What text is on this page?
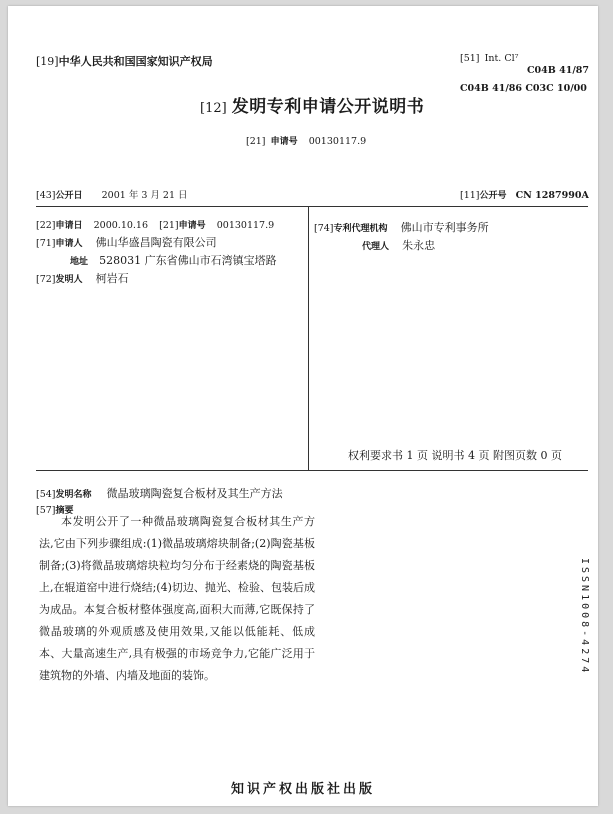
[19]中华人民共和国国家知识产权局	[51] Int. Cl⁷
C04B 41/87
C04B 41/86 C03C 10/00
[12] 发明专利申请公开说明书
[21] 申请号 00130117.9
[43]公开日 2001 年 3 月 21 日	[11]公开号 CN 1287990A
[22]申请日 2000.10.16 [21]申请号 00130117.9
[71]申请人 佛山华盛昌陶瓷有限公司
地址 528031 广东省佛山市石湾镇宝塔路
[72]发明人 柯岩石
[74]专利代理机构 佛山市专利事务所
代理人 朱永忠
权利要求书 1 页 说明书 4 页 附图页数 0 页
[54]发明名称 微晶玻璃陶瓷复合板材及其生产方法
[57]摘要
本发明公开了一种微晶玻璃陶瓷复合板材其生产方法,它由下列步骤组成:(1)微晶玻璃熔块制备;(2)陶瓷基板制备;(3)将微晶玻璃熔块粒均匀分布于经素烧的陶瓷基板上,在辊道窑中进行烧结;(4)切边、抛光、检验、包装后成为成品。本复合板材整体强度高,面积大而薄,它既保持了微晶玻璃的外观质感及使用效果,又能以低能耗、低成本、大量高速生产,具有极强的市场竞争力,它能广泛用于建筑物的外墙、内墙及地面的装饰。
ISSN1008-4274
知识产权出版社出版
